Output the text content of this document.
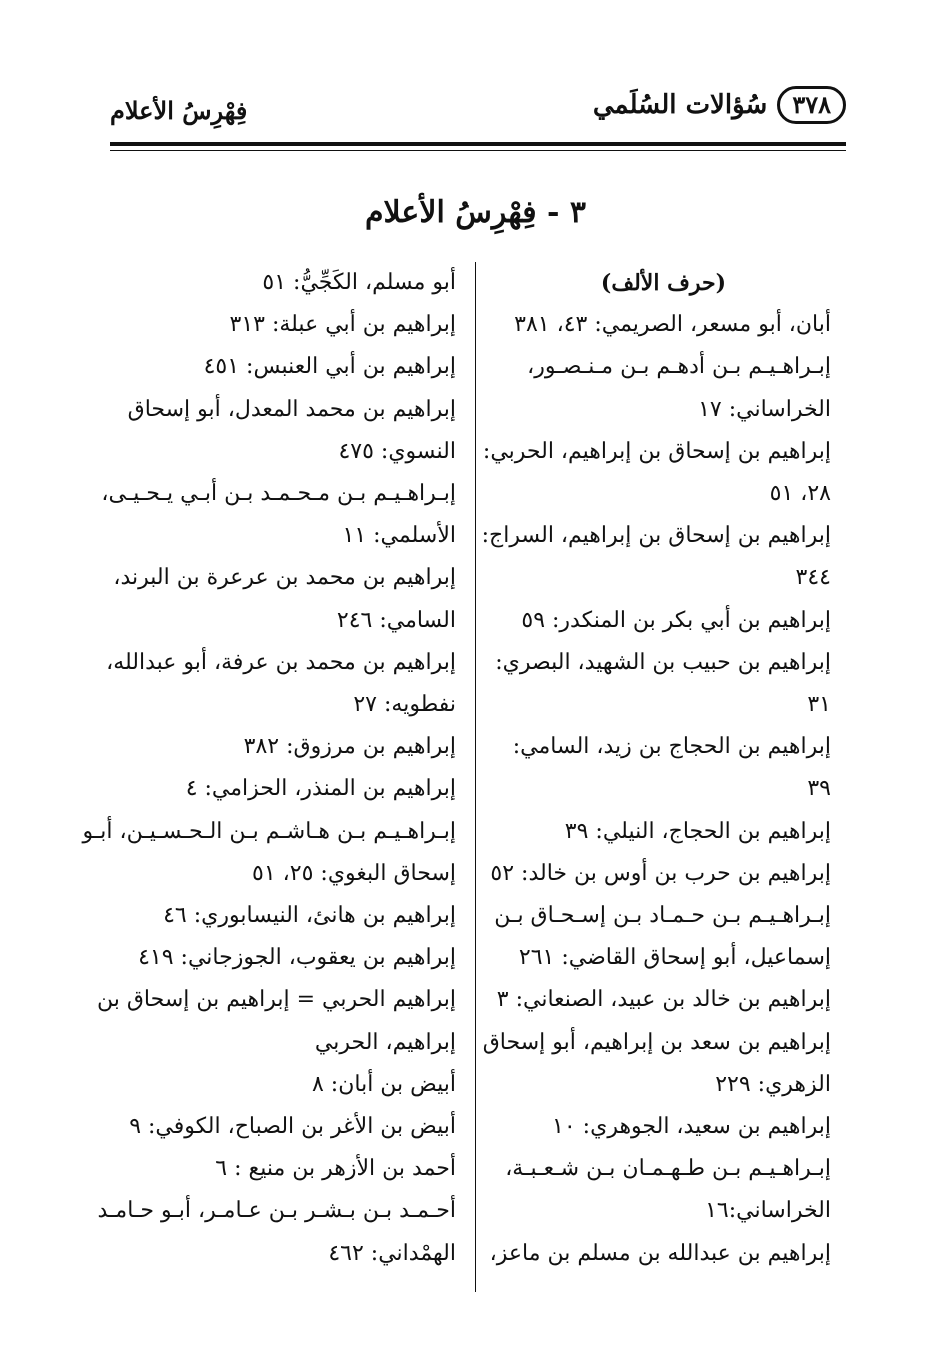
٣٧٨
سُؤالات السُلَمي
فِهْرِسُ الأعلام
٣ - فِهْرِسُ الأعلام
(حرف الألف)
أبان، أبو مسعر، الصريمي: ٤٣، ٣٨١
إبـراهـيـم بـن أدهـم بـن مـنـصـور،
الخراساني: ١٧
إبراهيم بن إسحاق بن إبراهيم، الحربي:
٢٨، ٥١
إبراهيم بن إسحاق بن إبراهيم، السراج:
٣٤٤
إبراهيم بن أبي بكر بن المنكدر: ٥٩
إبراهيم بن حبيب بن الشهيد، البصري:
٣١
إبراهيم بن الحجاج بن زيد، السامي:
٣٩
إبراهيم بن الحجاج، النيلي: ٣٩
إبراهيم بن حرب بن أوس بن خالد: ٥٢
إبـراهـيـم بـن حـمـاد بـن إسـحـاق بـن
إسماعيل، أبو إسحاق القاضي: ٢٦١
إبراهيم بن خالد بن عبيد، الصنعاني: ٣
إبراهيم بن سعد بن إبراهيم، أبو إسحاق
الزهري: ٢٢٩
إبراهيم بن سعيد، الجوهري: ١٠
إبـراهـيـم بـن طـهـمـان بـن شـعـبـة،
الخراساني:١٦
إبراهيم بن عبدالله بن مسلم بن ماعز،
أبو مسلم، الكَجِّيُّ: ٥١
إبراهيم بن أبي عبلة: ٣١٣
إبراهيم بن أبي العنبس: ٤٥١
إبراهيم بن محمد المعدل، أبو إسحاق
النسوي: ٤٧٥
إبـراهـيـم بـن مـحـمـد بـن أبـي يـحـيـى،
الأسلمي: ١١
إبراهيم بن محمد بن عرعرة بن البرند،
السامي: ٢٤٦
إبراهيم بن محمد بن عرفة، أبو عبدالله،
نفطويه: ٢٧
إبراهيم بن مرزوق: ٣٨٢
إبراهيم بن المنذر، الحزامي: ٤
إبـراهـيـم بـن هـاشـم بـن الـحـسـيـن، أبـو
إسحاق البغوي: ٢٥، ٥١
إبراهيم بن هانئ، النيسابوري: ٤٦
إبراهيم بن يعقوب، الجوزجاني: ٤١٩
إبراهيم الحربي = إبراهيم بن إسحاق بن
إبراهيم، الحربي
أبيض بن أبان: ٨
أبيض بن الأغر بن الصباح، الكوفي: ٩
أحمد بن الأزهر بن منيع : ٦
أحـمـد بـن بـشـر بـن عـامـر، أبـو حـامـد
الهمْداني: ٤٦٢
